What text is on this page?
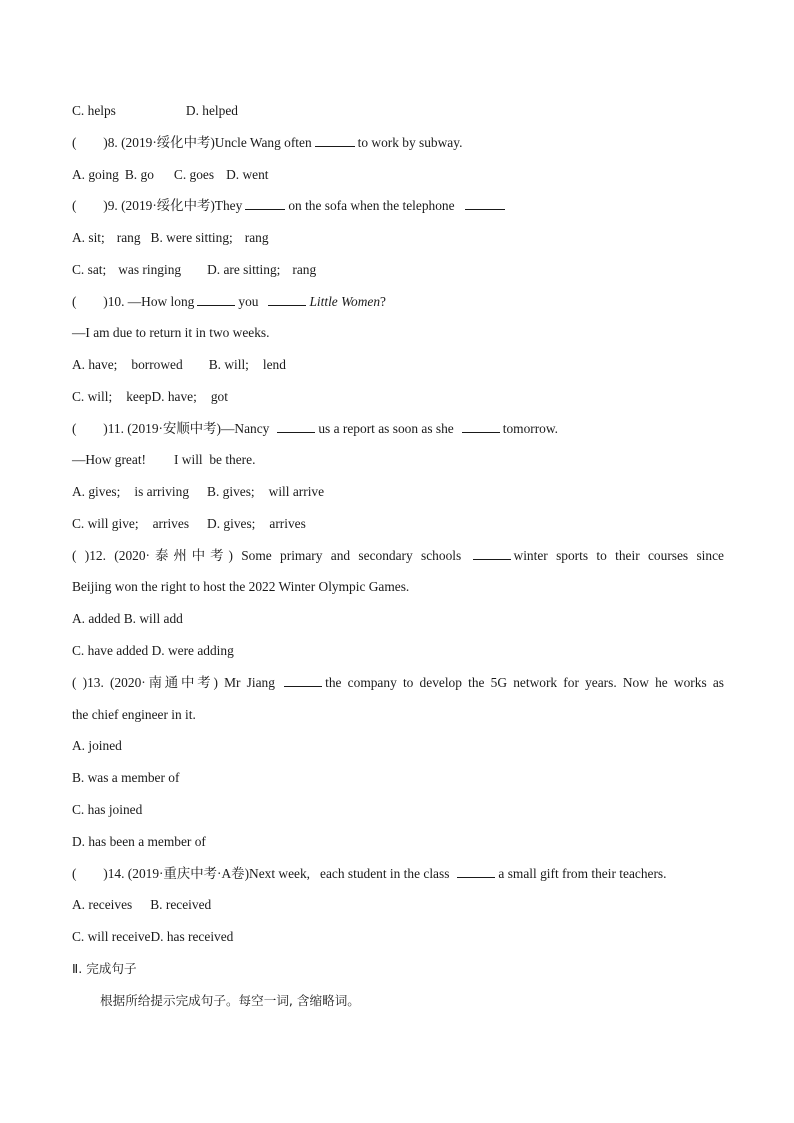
C. helps	D. helped
(        )8. (2019·绥化中考)Uncle Wang often	to work by subway.
A. going B. go C. goes D. went
(        )9. (2019·绥化中考)They	on the sofa when the telephone
A. sit; rang B. were sitting; rang
C. sat; was ringing D. are sitting; rang
(        )10. —How long	you	Little Women?
—I am due to return it in two weeks.
A. have; borrowed B. will; lend
C. will; keepD. have; got
(        )11. (2019·安顺中考)—Nancy	us a report as soon as she	tomorrow.
—How great! I will  be there.
A. gives; is arriving B. gives; will arrive
C. will give; arrives D. gives; arrives
( )12. (2020·泰州中考) Some primary and secondary schools	winter sports to their courses since
Beijing won the right to host the 2022 Winter Olympic Games.
A. added B. will add
C. have added D. were adding
( )13. (2020·南通中考) Mr Jiang	the company to develop the 5G network for years. Now he works as
the chief engineer in it.
A. joined
B. was a member of
C. has joined
D. has been a member of
(        )14. (2019·重庆中考·A卷)Next week, each student in the class	a small gift from their teachers.
A. receives B. received
C. will receiveD. has received
Ⅱ. 完成句子
根据所给提示完成句子。每空一词, 含缩略词。
